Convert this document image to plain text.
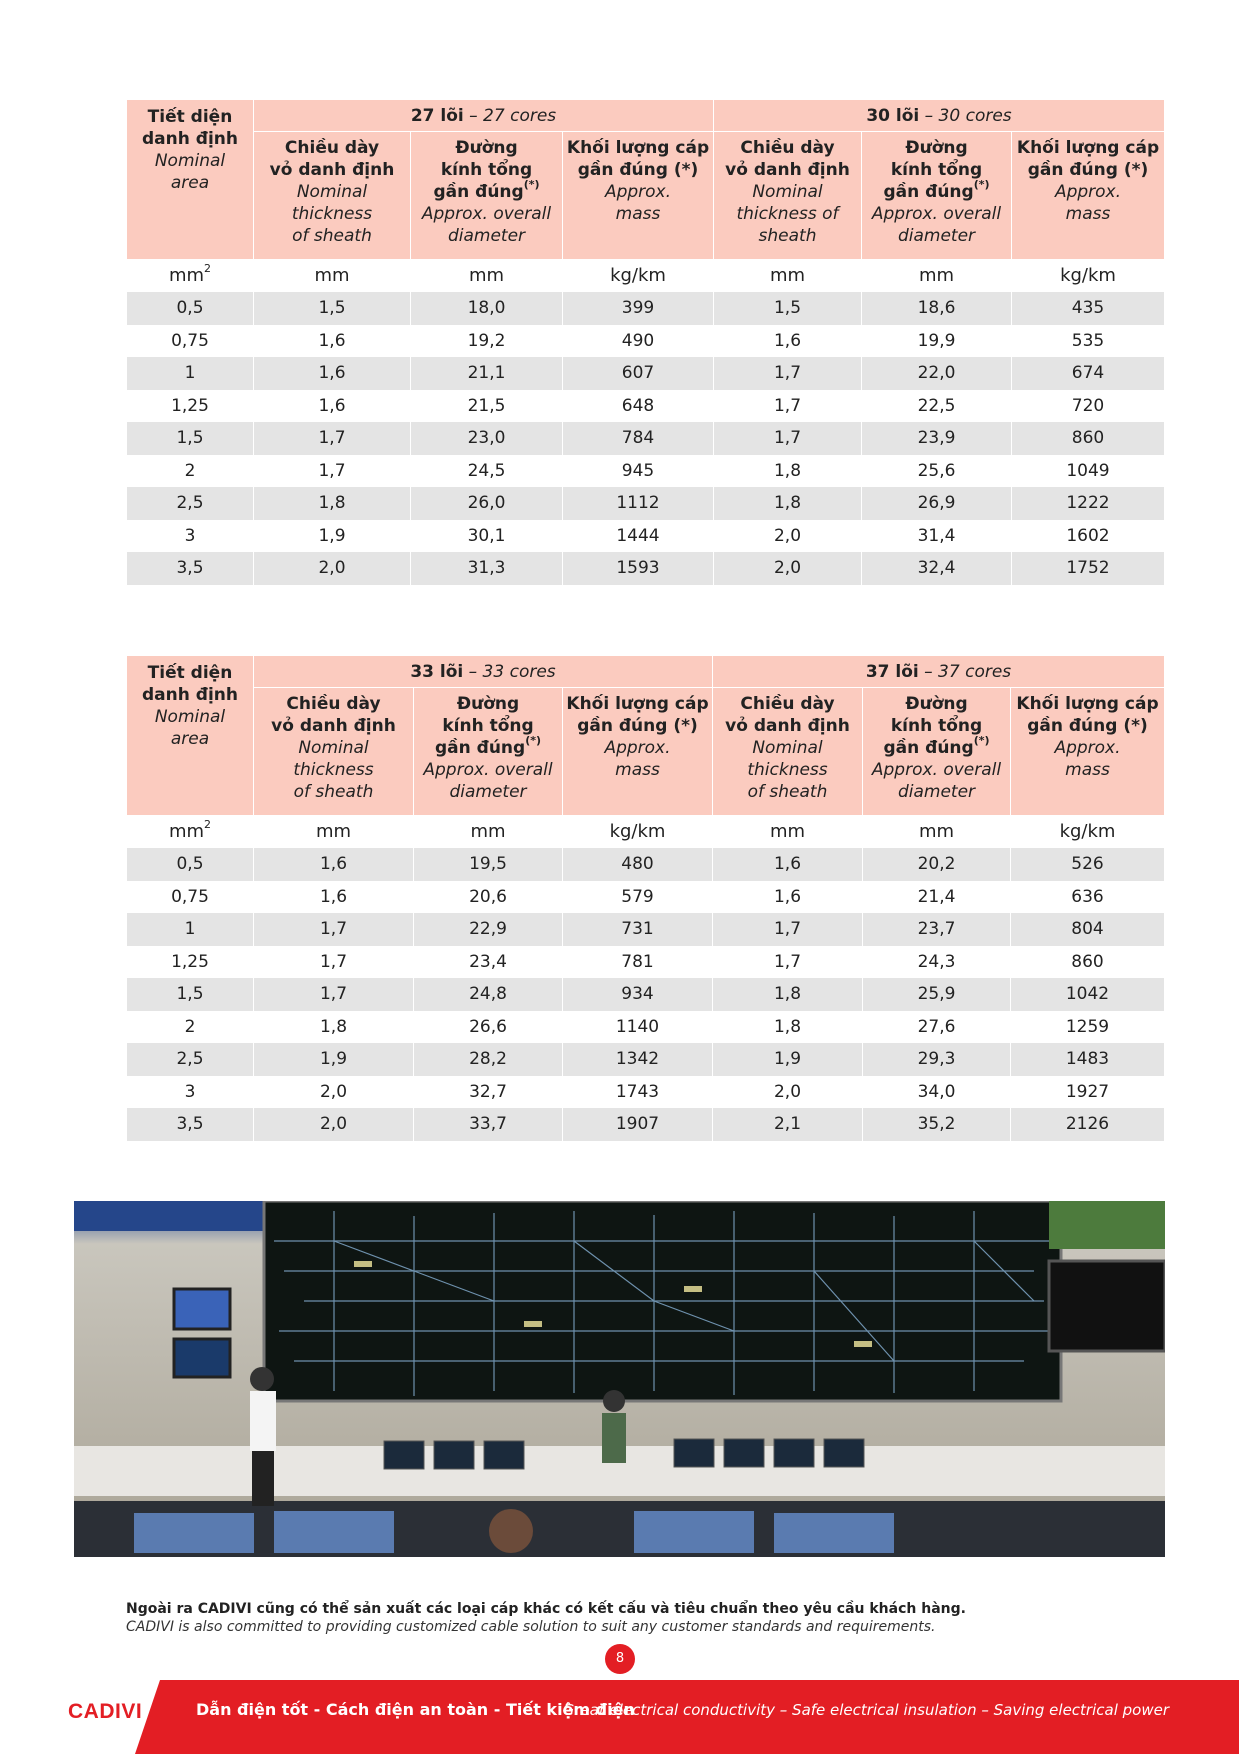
Tiết diện
danh định
Nominal
area	27 lõi – 27 cores			30 lõi – 30 cores		

	Chiều dày
vỏ danh định
Nominal thickness
of sheath	Đường
kính tổng
gần đúng(*)
Approx. overall
diameter	Khối lượng cáp
gần đúng (*)
Approx.
mass	Chiều dày
vỏ danh định
Nominal
thickness of
sheath	Đường
kính tổng
gần đúng(*)
Approx. overall
diameter	Khối lượng cáp
gần đúng (*)
Approx.
mass

$mm^2$	mm	mm	kg/km	mm	mm	kg/km
0,5	1,5	18,0	399	1,5	18,6	435
0,75	1,6	19,2	490	1,6	19,9	535
1	1,6	21,1	607	1,7	22,0	674
1,25	1,6	21,5	648	1,7	22,5	720
1,5	1,7	23,0	784	1,7	23,9	860
2	1,7	24,5	945	1,8	25,6	1049
2,5	1,8	26,0	1112	1,8	26,9	1222
3	1,9	30,1	1444	2,0	31,4	1602
3,5	2,0	31,3	1593	2,0	32,4	1752
Tiết diện
danh định
Nominal
area	33 lõi – 33 cores			37 lõi – 37 cores		

	Chiều dày
vỏ danh định
Nominal thickness
of sheath	Đường
kính tổng
gần đúng(*)
Approx. overall
diameter	Khối lượng cáp
gần đúng (*)
Approx.
mass	Chiều dày
vỏ danh định
Nominal thickness
of sheath	Đường
kính tổng
gần đúng(*)
Approx. overall
diameter	Khối lượng cáp
gần đúng (*)
Approx.
mass

$mm^2$	mm	mm	kg/km	mm	mm	kg/km
0,5	1,6	19,5	480	1,6	20,2	526
0,75	1,6	20,6	579	1,6	21,4	636
1	1,7	22,9	731	1,7	23,7	804
1,25	1,7	23,4	781	1,7	24,3	860
1,5	1,7	24,8	934	1,8	25,9	1042
2	1,8	26,6	1140	1,8	27,6	1259
2,5	1,9	28,2	1342	1,9	29,3	1483
3	2,0	32,7	1743	2,0	34,0	1927
3,5	2,0	33,7	1907	2,1	35,2	2126
Ngoài ra CADIVI cũng có thể sản xuất các loại cáp khác có kết cấu và tiêu chuẩn theo yêu cầu khách hàng.
CADIVI is also committed to providing customized cable solution to suit any customer standards and requirements.
8
CADIVI	Dẫn điện tốt - Cách điện an toàn - Tiết kiệm điện
Great electrical conductivity – Safe electrical insulation – Saving electrical power
